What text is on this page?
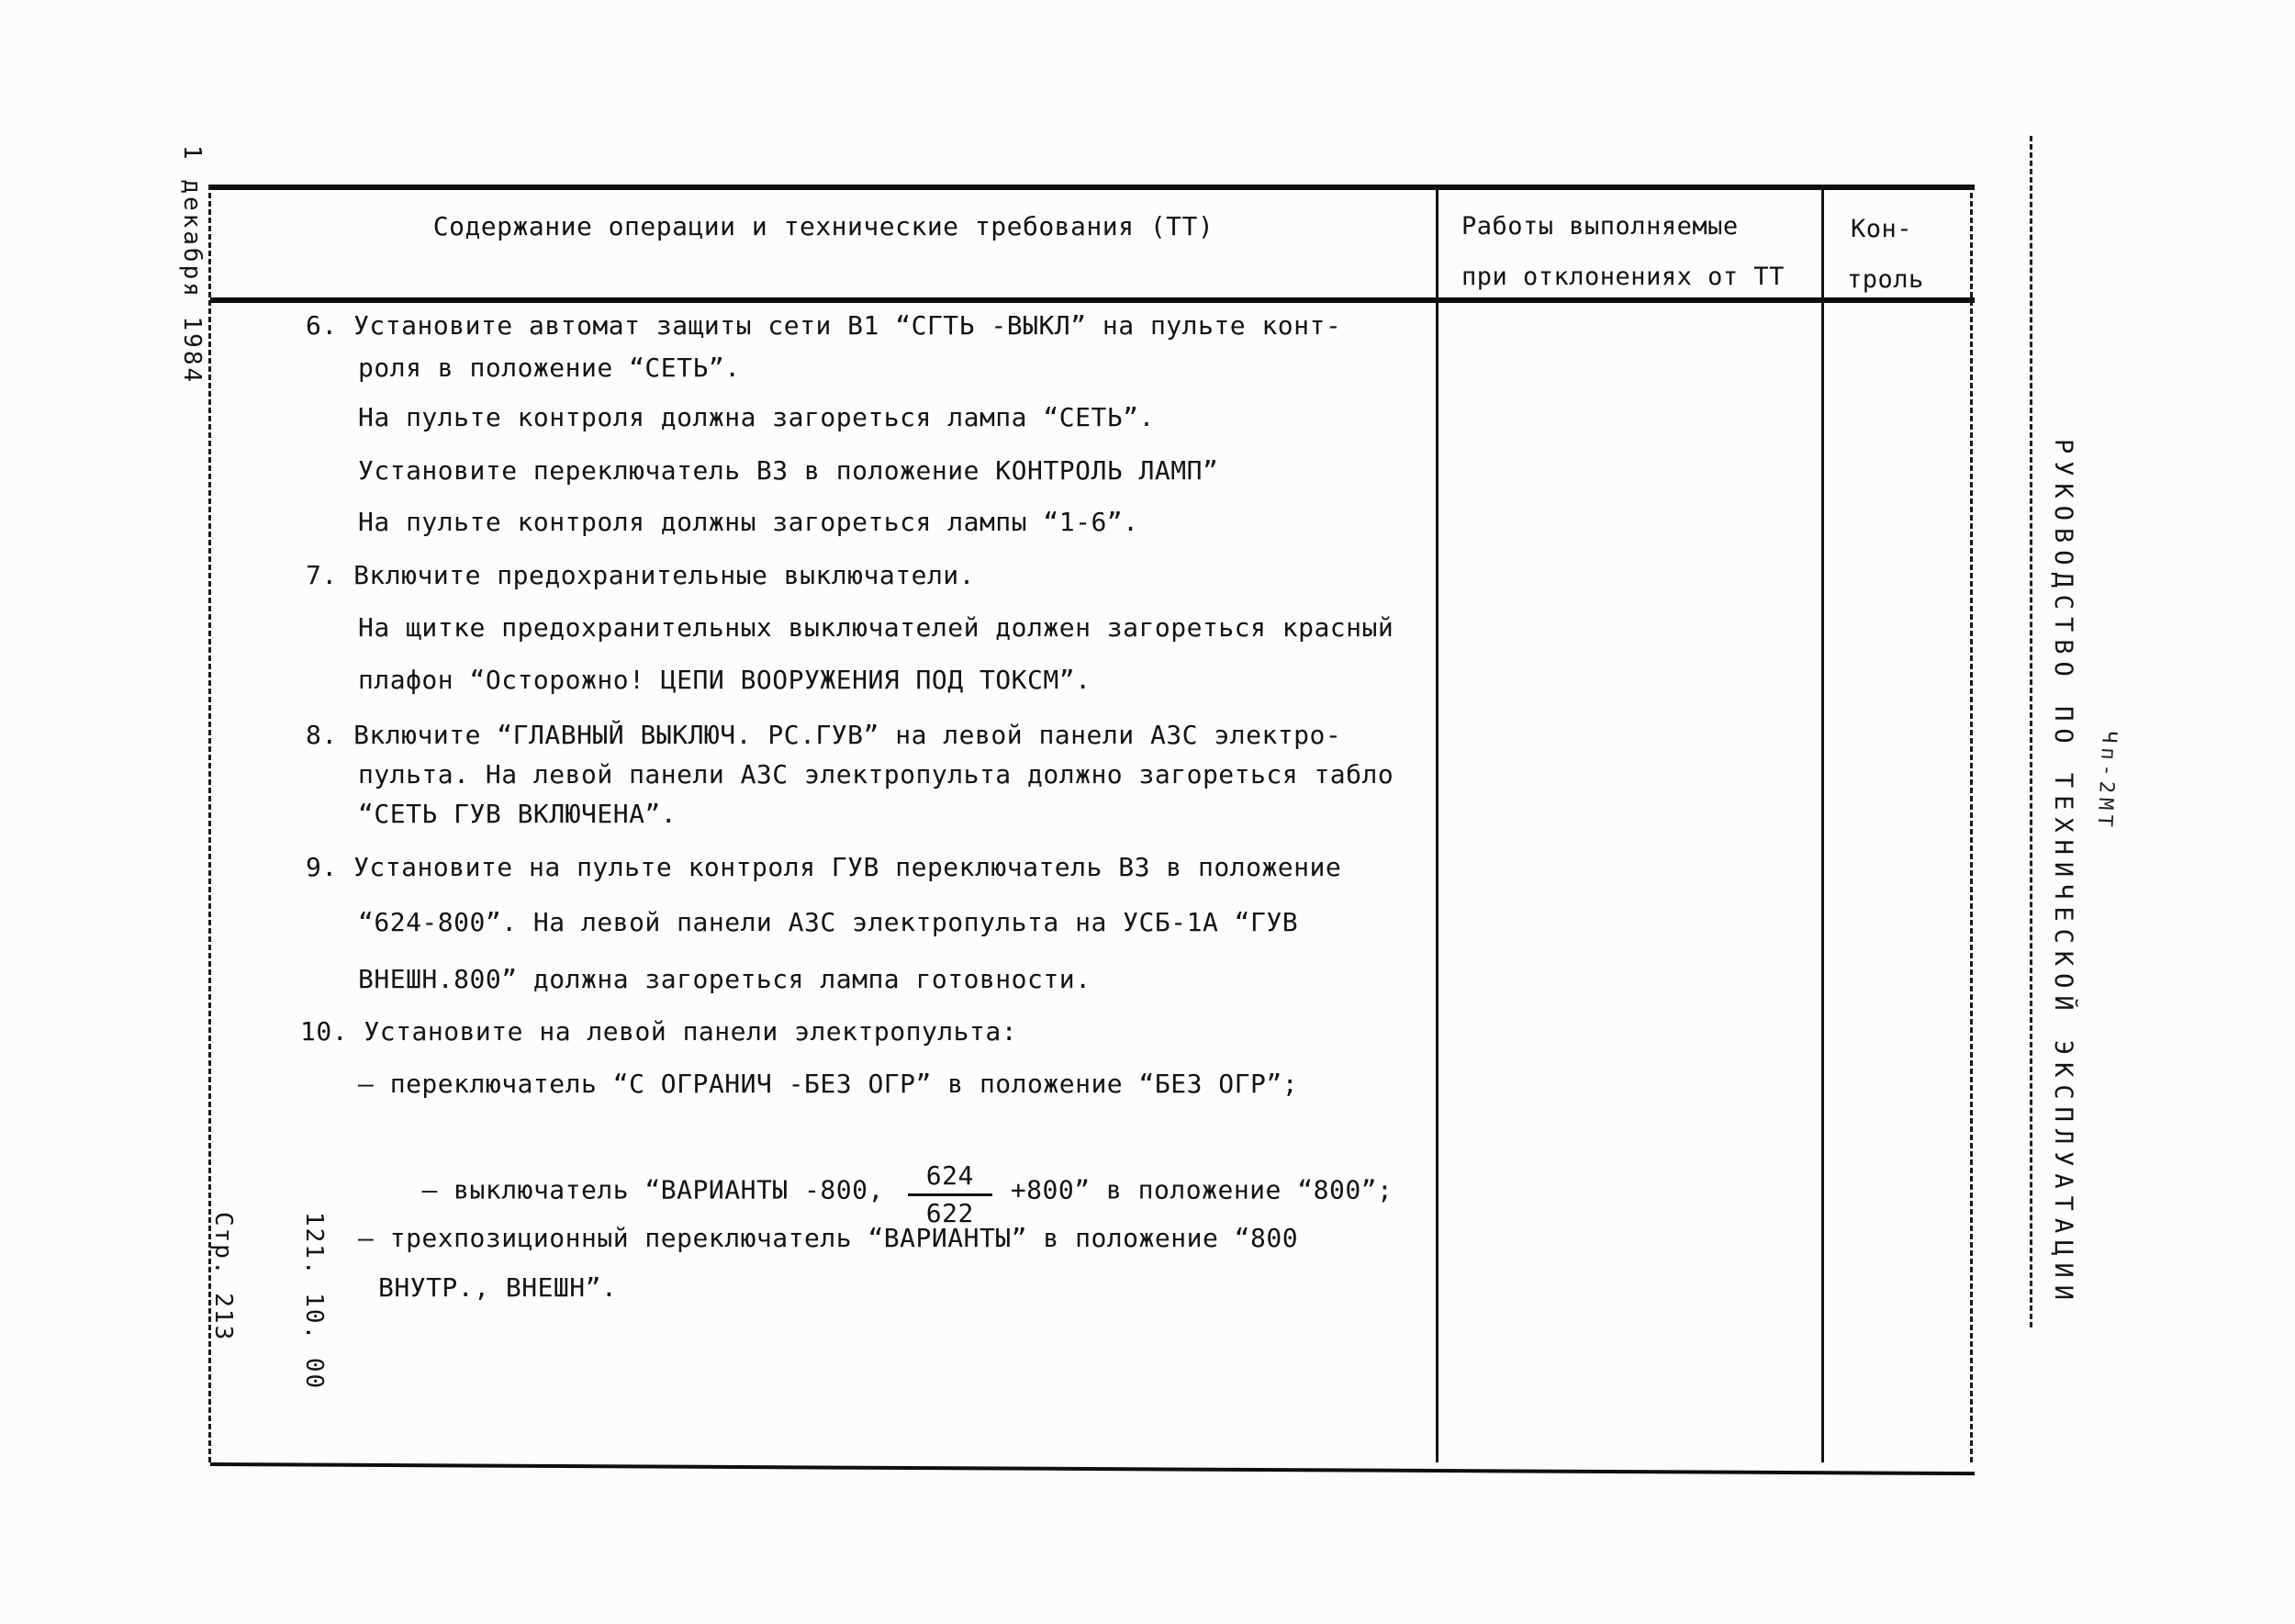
1 декабря 1984

121. 10. 00

Стр. 213

	РУКОВОДСТВО ПО ТЕХНИЧЕСКОЙ ЭКСПЛУАТАЦИИ Чп-2МТ
Содержание операции и технические требования (ТТ)	Работы выполняемые
при отклонениях от ТТ
Кон-
троль
6. Установите автомат защиты сети В1 “СГТЬ -ВЫКЛ” на пульте конт-
роля в положение “СЕТЬ”.
На пульте контроля должна загореться лампа “СЕТЬ”.
Установите переключатель В3 в положение КОНТРОЛЬ ЛАМП”
На пульте контроля должны загореться лампы “1-6”.
7. Включите предохранительные выключатели.
На щитке предохранительных выключателей должен загореться красный
плафон “Осторожно! ЦЕПИ ВООРУЖЕНИЯ ПОД ТОКСМ”.
8. Включите “ГЛАВНЫЙ ВЫКЛЮЧ. РС.ГУВ” на левой панели АЗС электро-
пульта. На левой панели АЗС электропульта должно загореться табло
“СЕТЬ ГУВ ВКЛЮЧЕНА”.
9. Установите на пульте контроля ГУВ переключатель В3 в положение
“624-800”. На левой панели АЗС электропульта на УСБ-1А “ГУВ
ВНЕШН.800” должна загореться лампа готовности.
10. Установите на левой панели электропульта:
– переключатель “С ОГРАНИЧ -БЕЗ ОГР” в положение “БЕЗ ОГР”;

– выключатель “ВАРИАНТЫ -800, $\frac{624}{622} +800$” в положение “800”;

– трехпозиционный переключатель “ВАРИАНТЫ” в положение “800
ВНУТР., ВНЕШН”.
